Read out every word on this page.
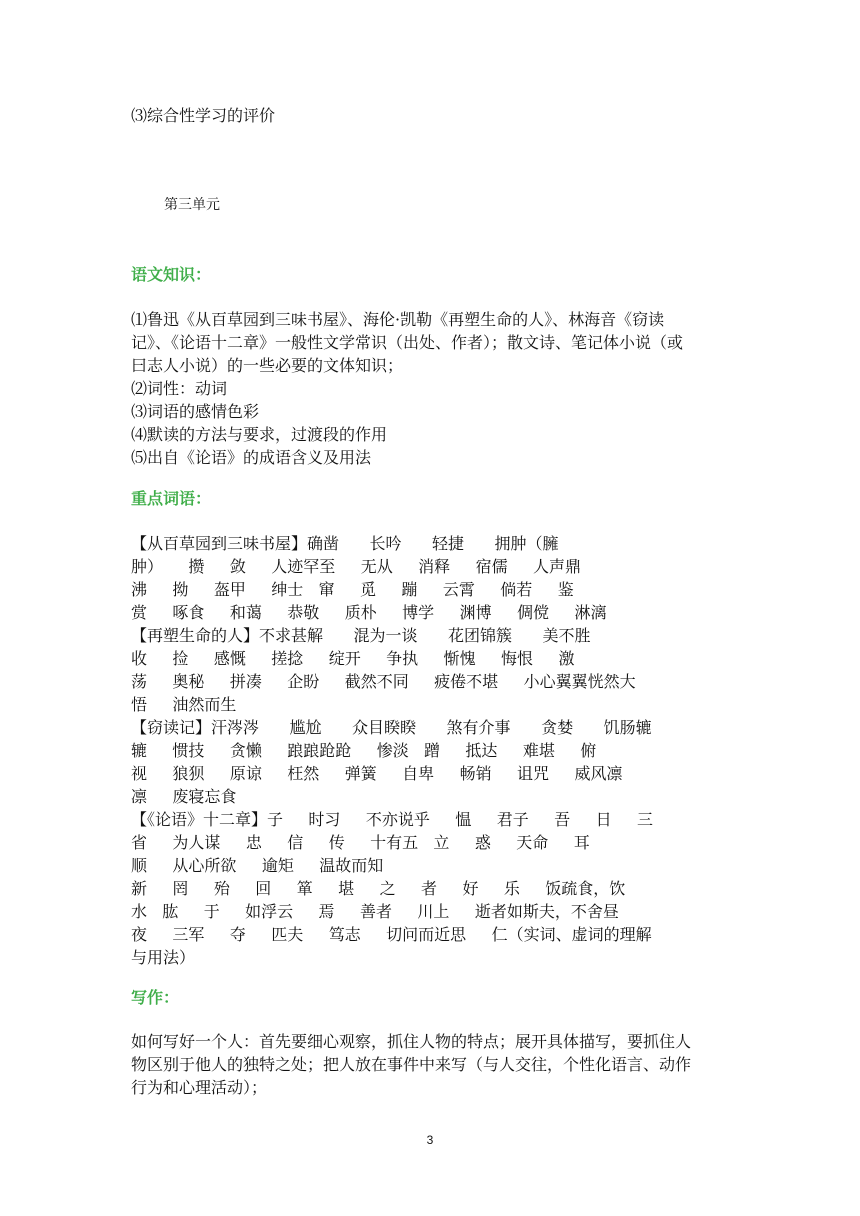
⑶综合性学习的评价
第三单元
语文知识：
⑴鲁迅《从百草园到三味书屋》、海伦·凯勒《再塑生命的人》、林海音《窃读
记》、《论语十二章》一般性文学常识（出处、作者）；散文诗、笔记体小说（或
曰志人小说）的一些必要的文体知识；
⑵词性：动词
⑶词语的感情色彩
⑷默读的方法与要求，过渡段的作用
⑸出自《论语》的成语含义及用法
重点词语：
【从百草园到三味书屋】确凿      长吟      轻捷      拥肿（臃
肿）     攒     敛     人迹罕至     无从     消释     宿儒     人声鼎
沸     拗     盔甲     绅士   窜     觅     蹦     云霄     倘若     鉴
赏     啄食     和蔼     恭敬     质朴     博学     渊博     倜傥     淋漓
【再塑生命的人】不求甚解      混为一谈      花团锦簇      美不胜
收     捡     感慨     搓捻     绽开     争执     惭愧     悔恨     激
荡     奥秘     拼凑     企盼     截然不同     疲倦不堪     小心翼翼恍然大
悟     油然而生
【窃读记】汗涔涔      尴尬      众目睽睽      煞有介事      贪婪      饥肠辘
辘     惯技     贪懒     踉踉跄跄     惨淡   蹭     抵达     难堪     俯
视     狼狈     原谅     枉然     弹簧     自卑     畅销     诅咒     威风凛
凛     废寝忘食
【《论语》十二章】子     时习     不亦说乎     愠     君子     吾     日     三
省     为人谋     忠     信     传     十有五   立     惑     天命     耳
顺     从心所欲     逾矩     温故而知
新     罔     殆     回     箪     堪     之     者     好     乐     饭疏食，饮
水   肱     于     如浮云     焉     善者     川上     逝者如斯夫，不舍昼
夜     三军     夺     匹夫     笃志     切问而近思     仁（实词、虚词的理解
与用法）
写作：
如何写好一个人：首先要细心观察，抓住人物的特点；展开具体描写，要抓住人
物区别于他人的独特之处；把人放在事件中来写（与人交往，个性化语言、动作
行为和心理活动）；
3
